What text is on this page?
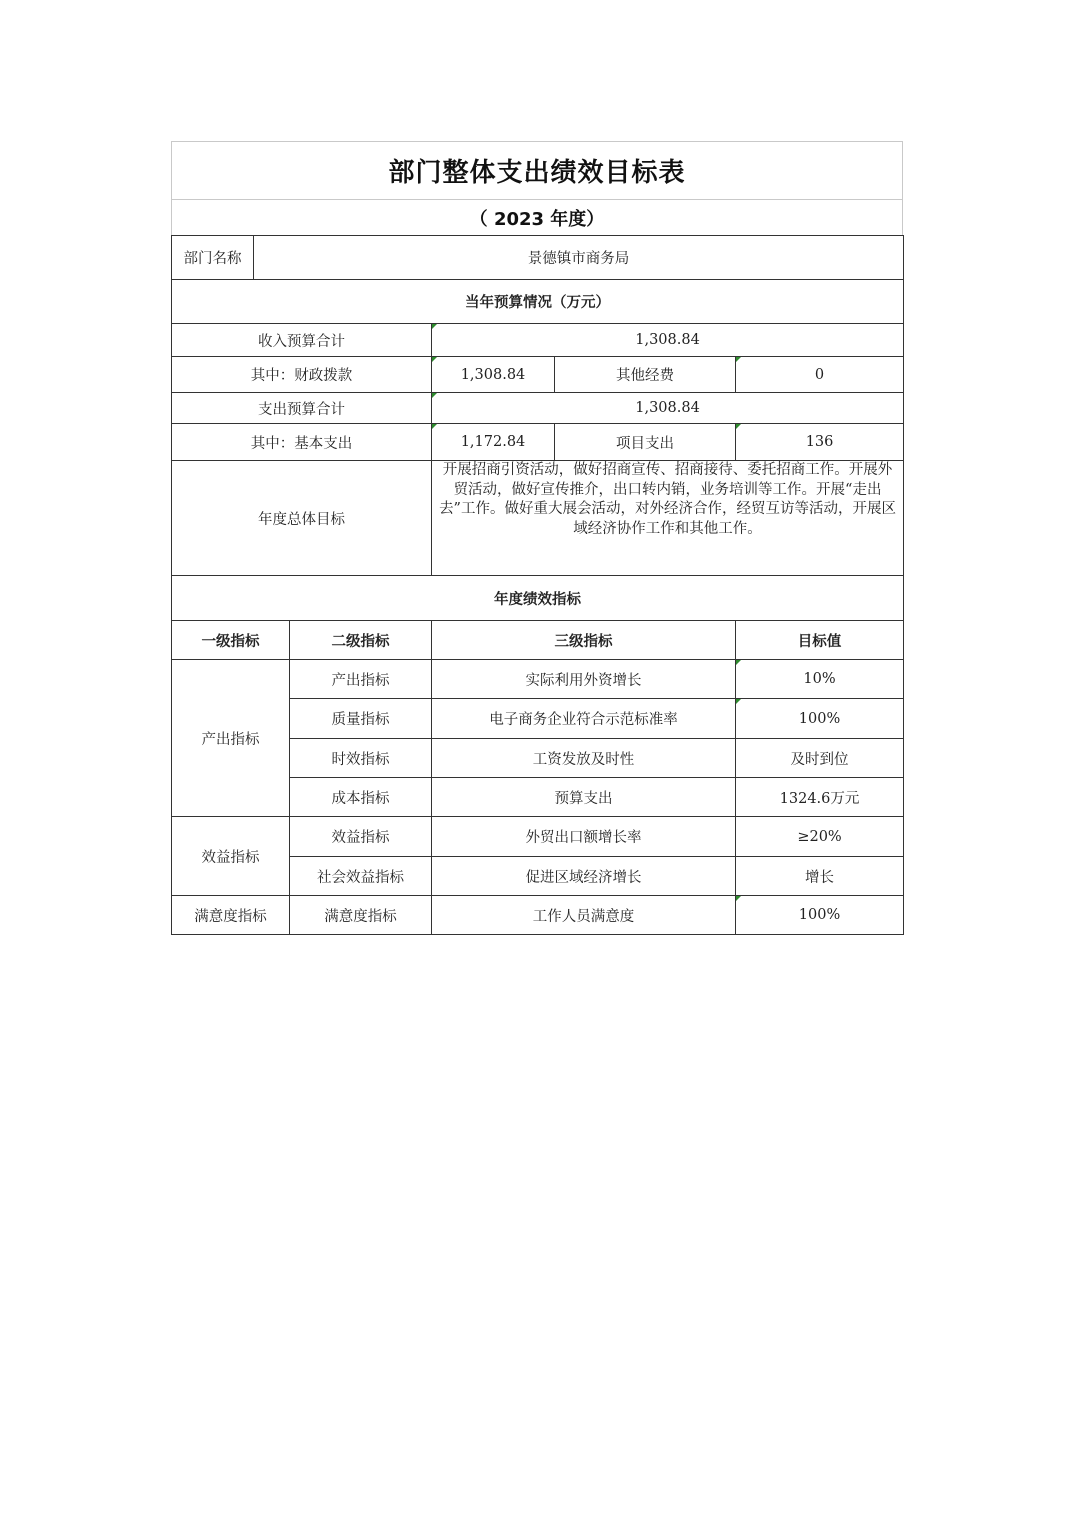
部门整体支出绩效目标表
（ 2023 年度）
部门名称	景德镇市商务局				
当年预算情况（万元）					
收入预算合计			1,308.84		
其中：财政拨款			1,308.84	其他经费	0
支出预算合计			1,308.84		
其中：基本支出			1,172.84	项目支出	136
年度总体目标			开展招商引资活动，做好招商宣传、招商接待、委托招商工作。开展外贸活动，做好宣传推介，出口转内销，业务培训等工作。开展“走出去”工作。做好重大展会活动，对外经济合作，经贸互访等活动，开展区域经济协作工作和其他工作。		
年度绩效指标					
一级指标		二级指标	三级指标		目标值
产出指标		产出指标	实际利用外资增长		10%
		质量指标	电子商务企业符合示范标准率		100%
		时效指标	工资发放及时性		及时到位
		成本指标	预算支出		1324.6万元
效益指标		效益指标	外贸出口额增长率		≥20%
		社会效益指标	促进区域经济增长		增长
满意度指标		满意度指标	工作人员满意度		100%
